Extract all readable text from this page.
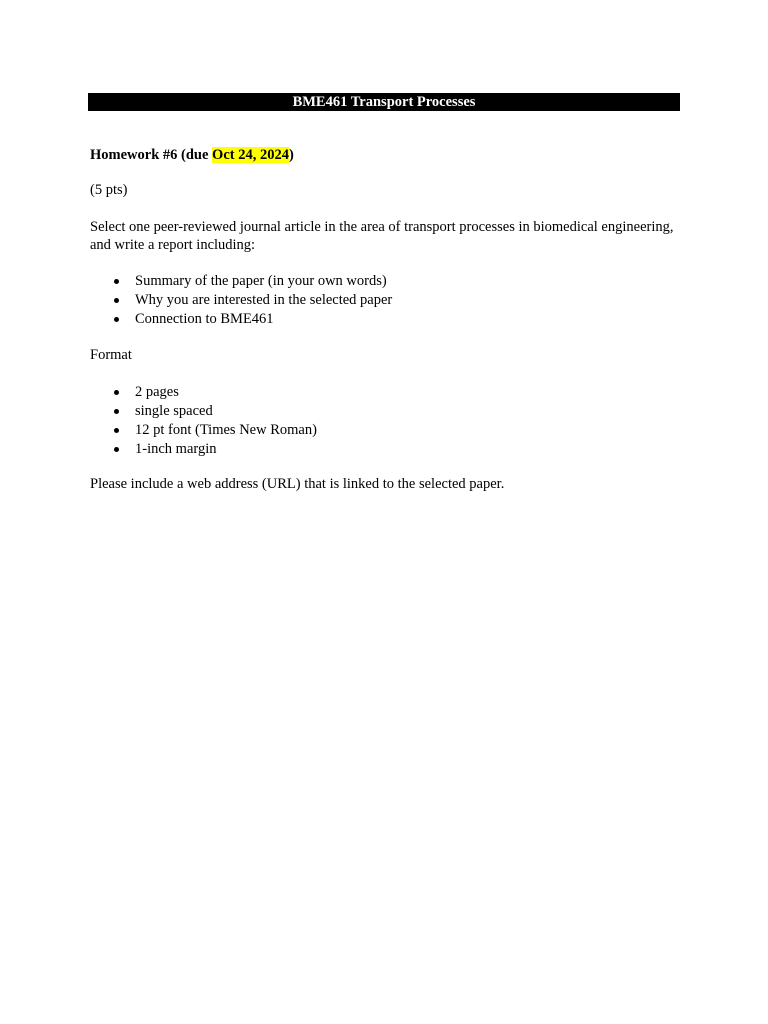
BME461 Transport Processes
Homework #6 (due Oct 24, 2024)
(5 pts)
Select one peer-reviewed journal article in the area of transport processes in biomedical engineering, and write a report including:
Summary of the paper (in your own words)
Why you are interested in the selected paper
Connection to BME461
Format
2 pages
single spaced
12 pt font (Times New Roman)
1-inch margin
Please include a web address (URL) that is linked to the selected paper.
